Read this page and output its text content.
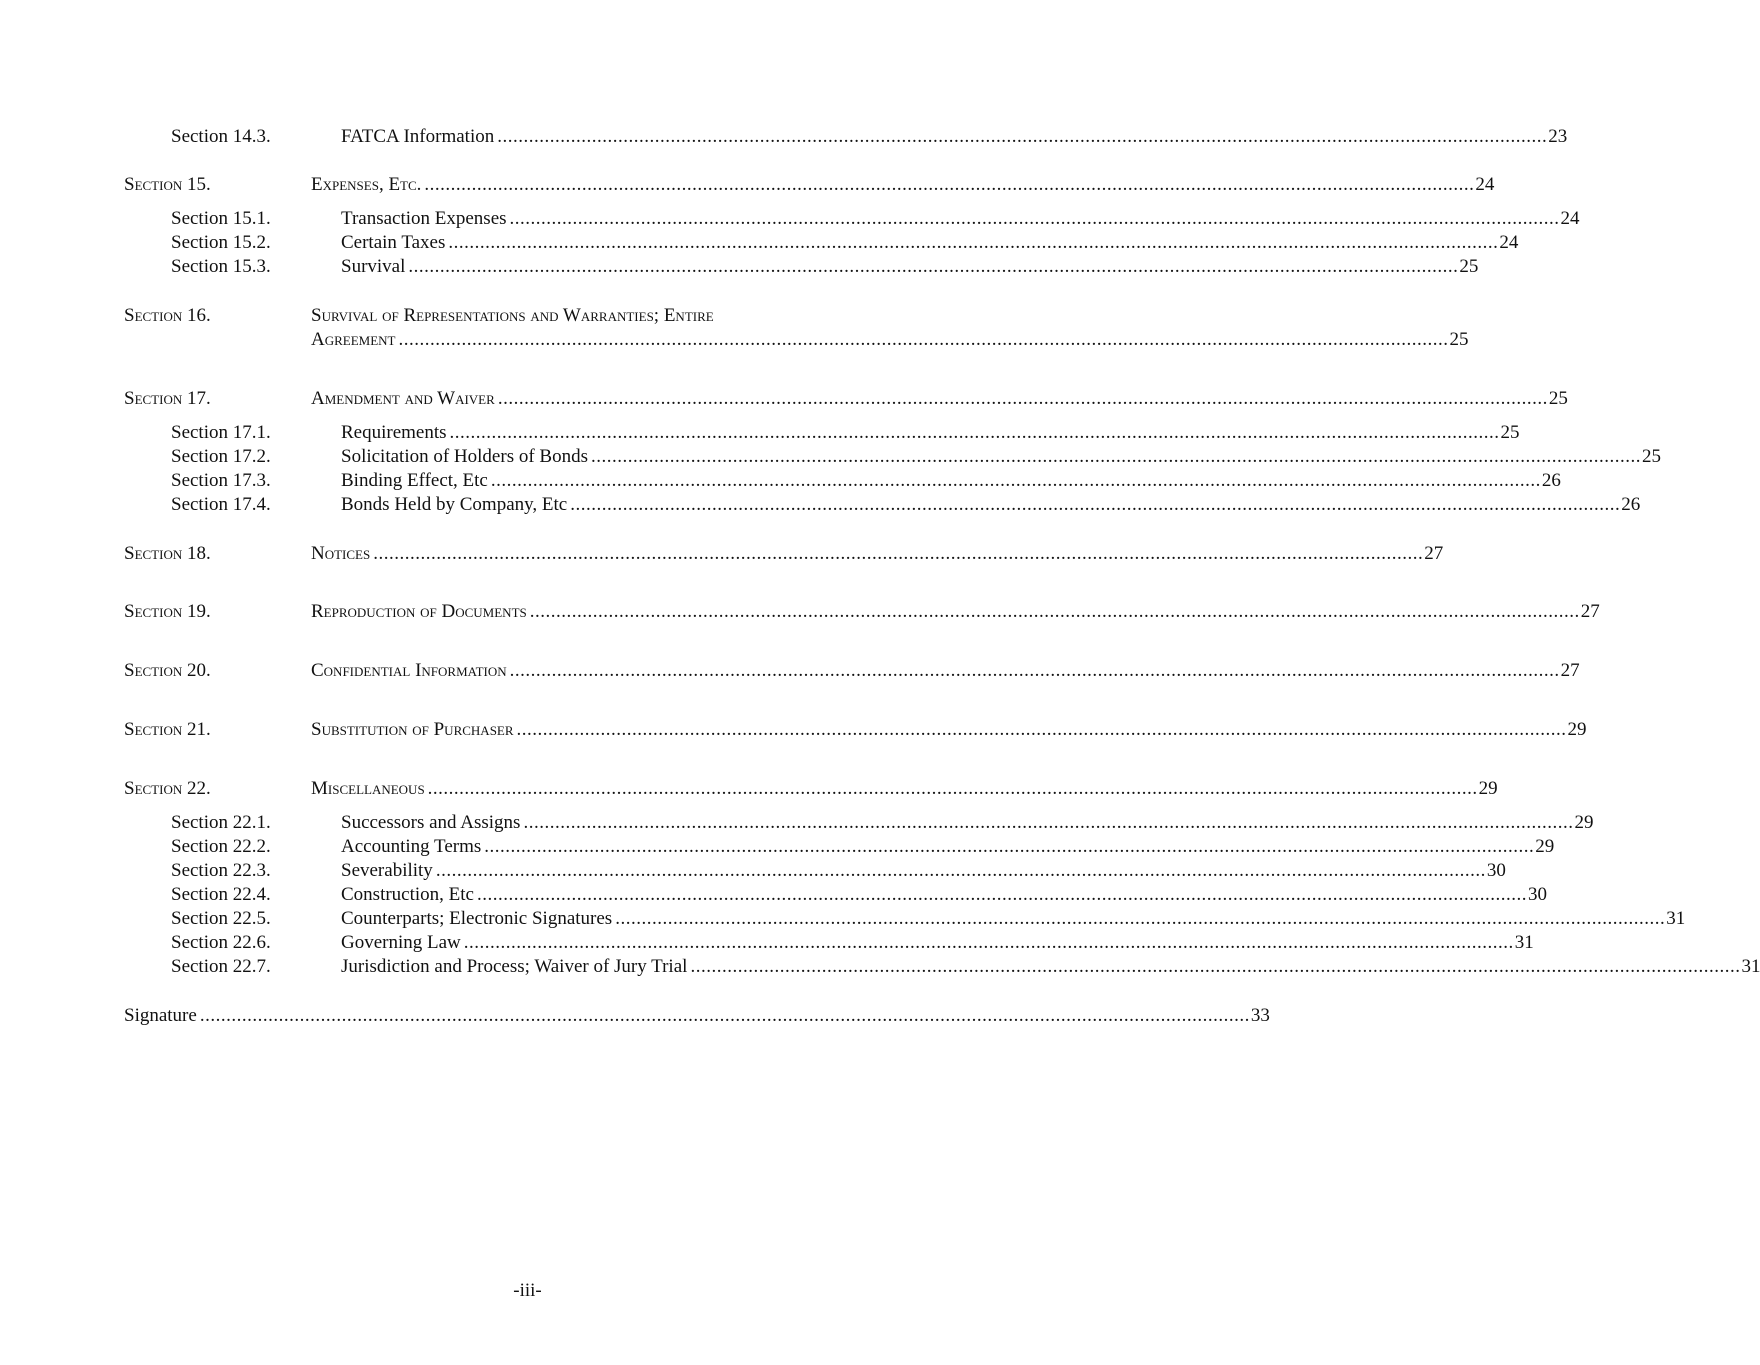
Section 14.3.	FATCA Information ........................................................................................................................................................................................................ 23
Section 15.	Expenses, Etc. ........................................................................................................................................................................................................ 24
Section 15.1.	Transaction Expenses ........................................................................................................................................................................................................ 24
Section 15.2.	Certain Taxes ........................................................................................................................................................................................................ 24
Section 15.3.	Survival ........................................................................................................................................................................................................ 25
Section 16.	Survival of Representations and Warranties; Entire
Agreement ........................................................................................................................................................................................................ 25
Section 17.	Amendment and Waiver ........................................................................................................................................................................................................ 25
Section 17.1.	Requirements ........................................................................................................................................................................................................ 25
Section 17.2.	Solicitation of Holders of Bonds ........................................................................................................................................................................................................ 25
Section 17.3.	Binding Effect, Etc ........................................................................................................................................................................................................ 26
Section 17.4.	Bonds Held by Company, Etc ........................................................................................................................................................................................................ 26
Section 18.	Notices ........................................................................................................................................................................................................ 27
Section 19.	Reproduction of Documents ........................................................................................................................................................................................................ 27
Section 20.	Confidential Information ........................................................................................................................................................................................................ 27
Section 21.	Substitution of Purchaser ........................................................................................................................................................................................................ 29
Section 22.	Miscellaneous ........................................................................................................................................................................................................ 29
Section 22.1.	Successors and Assigns ........................................................................................................................................................................................................ 29
Section 22.2.	Accounting Terms ........................................................................................................................................................................................................ 29
Section 22.3.	Severability ........................................................................................................................................................................................................ 30
Section 22.4.	Construction, Etc ........................................................................................................................................................................................................ 30
Section 22.5.	Counterparts; Electronic Signatures ........................................................................................................................................................................................................ 31
Section 22.6.	Governing Law ........................................................................................................................................................................................................ 31
Section 22.7.	Jurisdiction and Process; Waiver of Jury Trial ........................................................................................................................................................................................................ 31
Signature ........................................................................................................................................................................................................ 33
-iii-
